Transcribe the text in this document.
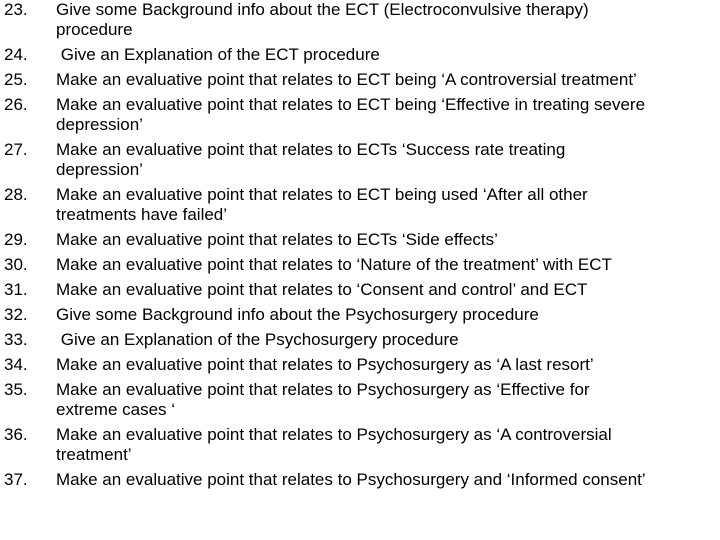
23.	Give some Background info about the ECT (Electroconvulsive therapy)
procedure
24.	Give an Explanation of the ECT procedure
25.	Make an evaluative point that relates to ECT being ‘A controversial treatment’
26.	Make an evaluative point that relates to ECT being ‘Effective in treating severe
depression’
27.	Make an evaluative point that relates to ECTs ‘Success rate treating
depression’
28.	Make an evaluative point that relates to ECT being used ‘After all other
treatments have failed’
29.	Make an evaluative point that relates to ECTs ‘Side effects’
30.	Make an evaluative point that relates to ‘Nature of the treatment’ with ECT
31.	Make an evaluative point that relates to ‘Consent and control’ and ECT
32.	Give some Background info about the Psychosurgery procedure
33.	Give an Explanation of the Psychosurgery procedure
34.	Make an evaluative point that relates to Psychosurgery as ‘A last resort’
35.	Make an evaluative point that relates to Psychosurgery as ‘Effective for
extreme cases ‘
36.	Make an evaluative point that relates to Psychosurgery as ‘A controversial
treatment’
37.	Make an evaluative point that relates to Psychosurgery and ‘Informed consent’
